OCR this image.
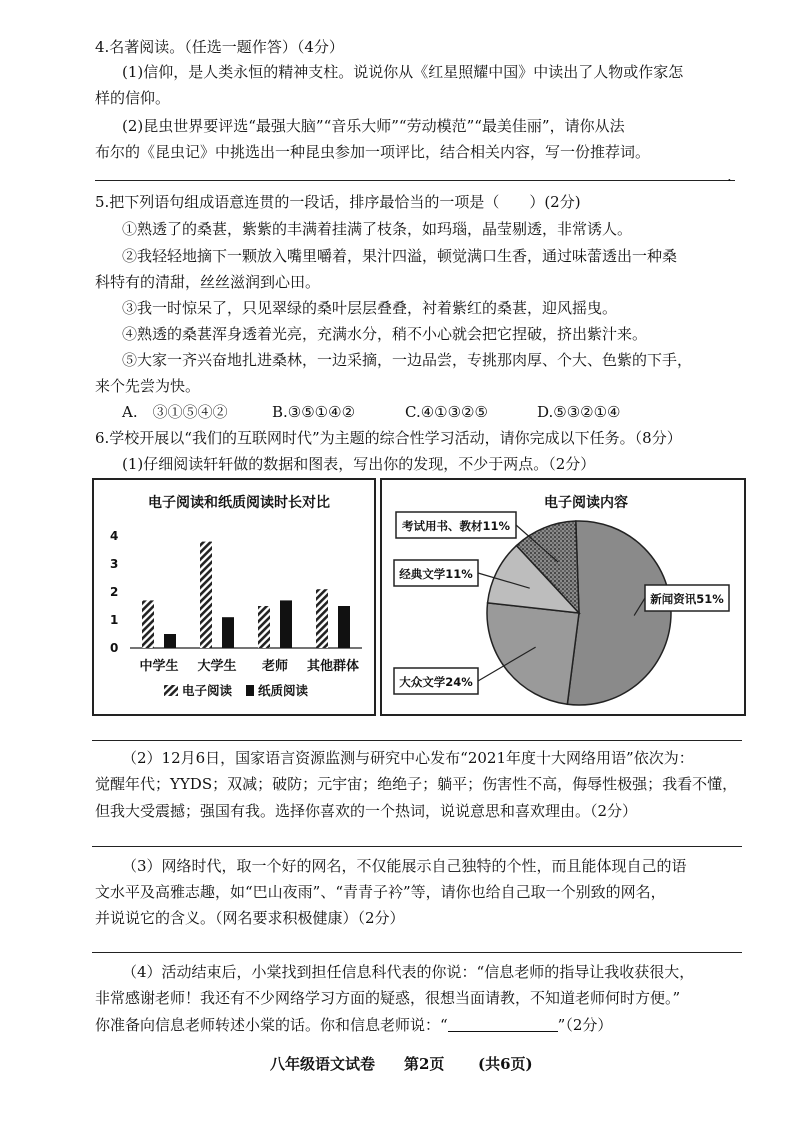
4.名著阅读。（任选一题作答）（4分）
(1)信仰，是人类永恒的精神支柱。说说你从《红星照耀中国》中读出了人物或作家怎
样的信仰。
(2)昆虫世界要评选“最强大脑”“音乐大师”“劳动模范”“最美佳丽”，请你从法
布尔的《昆虫记》中挑选出一种昆虫参加一项评比，结合相关内容，写一份推荐词。
.
5.把下列语句组成语意连贯的一段话，排序最恰当的一项是（　　）(2分)
①熟透了的桑葚，紫紫的丰满着挂满了枝条，如玛瑙，晶莹剔透，非常诱人。
②我轻轻地摘下一颗放入嘴里嚼着，果汁四溢，顿觉满口生香，通过味蕾透出一种桑
科特有的清甜，丝丝滋润到心田。
③我一时惊呆了，只见翠绿的桑叶层层叠叠，衬着紫红的桑葚，迎风摇曳。
④熟透的桑葚浑身透着光亮，充满水分，稍不小心就会把它捏破，挤出紫汁来。
⑤大家一齐兴奋地扎进桑林，一边采摘，一边品尝，专挑那肉厚、个大、色紫的下手，
来个先尝为快。
A.　③①⑤④②	B.③⑤①④②	C.④①③②⑤	D.⑤③②①④
6.学校开展以“我们的互联网时代”为主题的综合性学习活动，请你完成以下任务。（8分）
(1)仔细阅读轩轩做的数据和图表，写出你的发现，不少于两点。（2分）
电子阅读和纸质阅读时长对比
0
1
2
3
4
中学生 大学生 老师 其他群体
电子阅读 纸质阅读
电子阅读内容
新闻资讯51%
大众文学24%
经典文学11%
考试用书、教材11%
（2）12月6日，国家语言资源监测与研究中心发布“2021年度十大网络用语”依次为：
觉醒年代；YYDS；双减；破防；元宇宙；绝绝子；躺平；伤害性不高，侮辱性极强；我看不懂，
但我大受震撼；强国有我。选择你喜欢的一个热词，说说意思和喜欢理由。（2分）
（3）网络时代，取一个好的网名，不仅能展示自己独特的个性，而且能体现自己的语
文水平及高雅志趣，如“巴山夜雨”、“青青子衿”等，请你也给自己取一个别致的网名，
并说说它的含义。（网名要求积极健康）（2分）
（4）活动结束后，小棠找到担任信息科代表的你说：“信息老师的指导让我收获很大，
非常感谢老师！我还有不少网络学习方面的疑惑，很想当面请教，不知道老师何时方便。”
你准备向信息老师转述小棠的话。你和信息老师说：“	”（2分）
八年级语文试卷 第2页 (共6页)
